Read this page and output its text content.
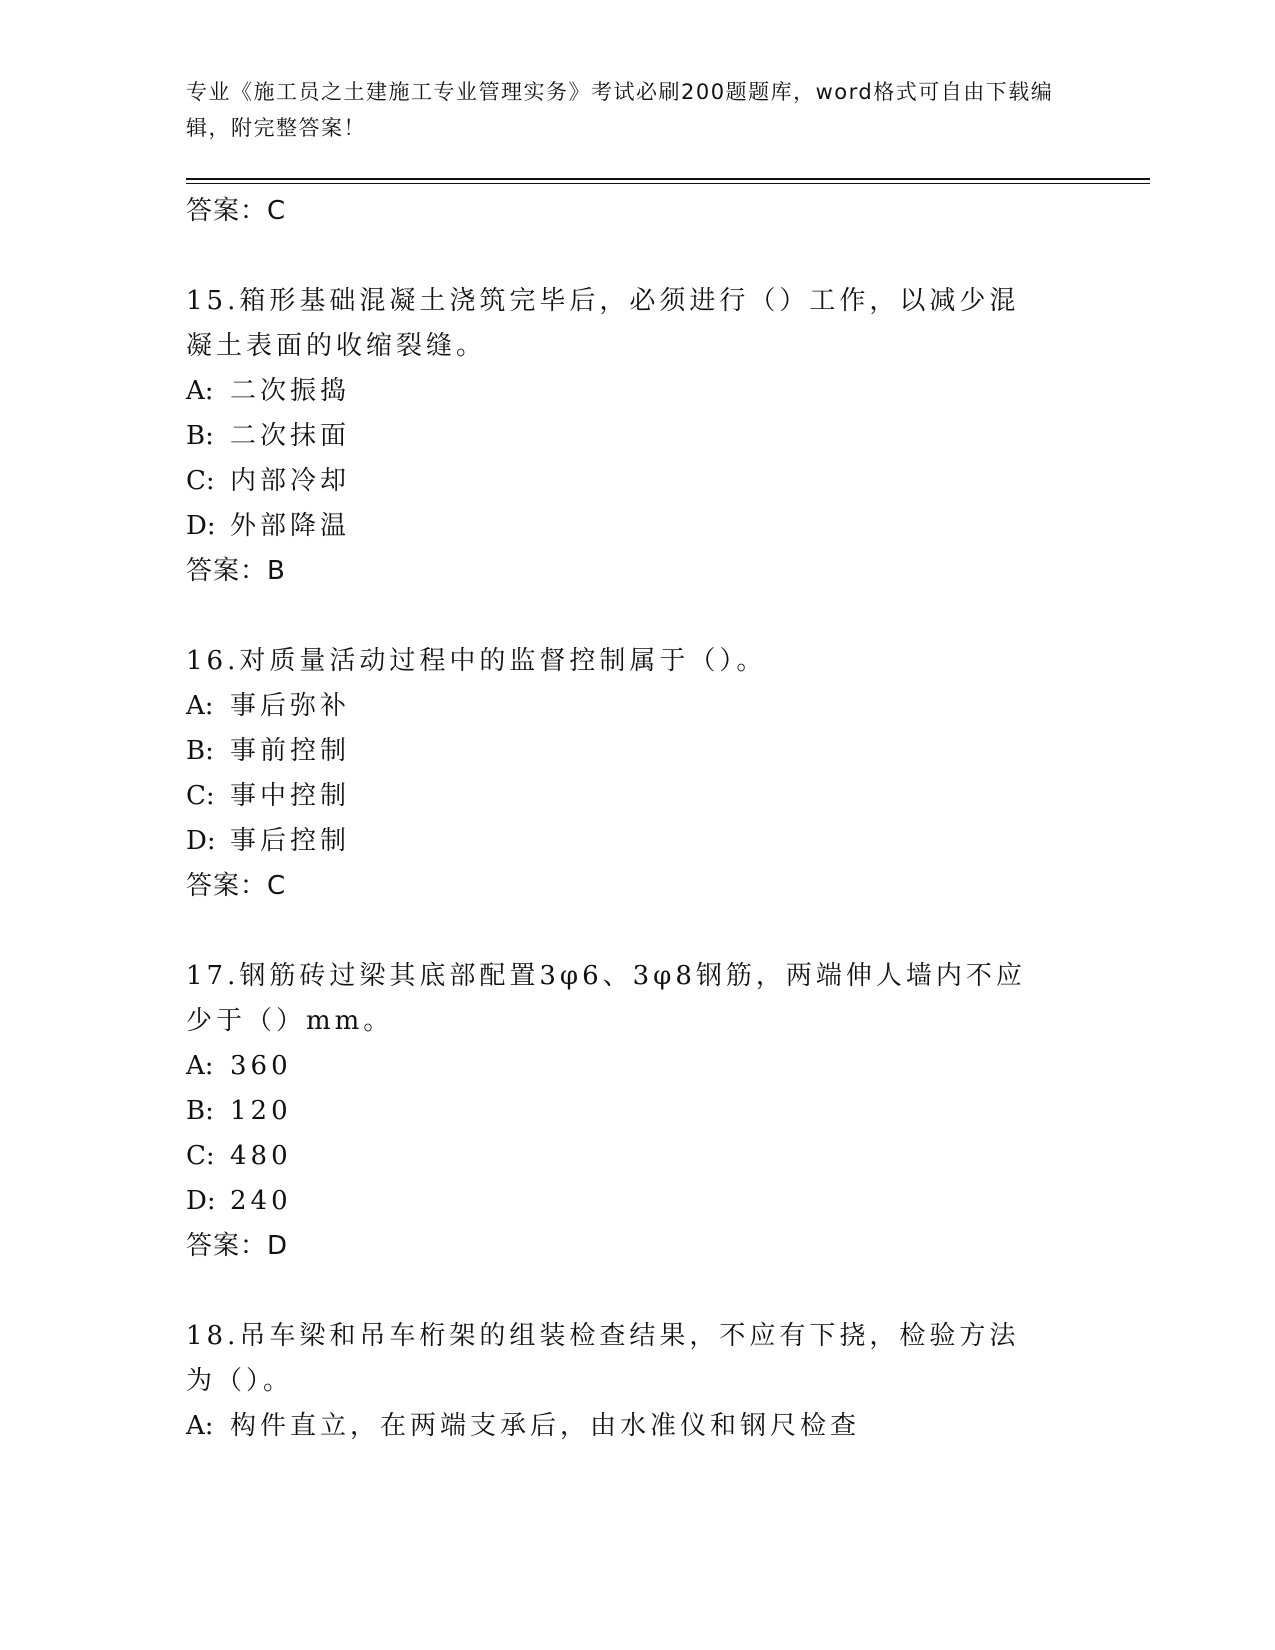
专业《施工员之土建施工专业管理实务》考试必刷200题题库，word格式可自由下载编辑，附完整答案！
答案：C
15.箱形基础混凝土浇筑完毕后，必须进行（）工作，以减少混凝土表面的收缩裂缝。
A: 二次振捣
B: 二次抹面
C: 内部冷却
D: 外部降温
答案：B
16.对质量活动过程中的监督控制属于（）。
A: 事后弥补
B: 事前控制
C: 事中控制
D: 事后控制
答案：C
17.钢筋砖过梁其底部配置3φ6、3φ8钢筋，两端伸人墙内不应少于（）mm。
A: 360
B: 120
C: 480
D: 240
答案：D
18.吊车梁和吊车桁架的组装检查结果，不应有下挠，检验方法为（）。
A: 构件直立，在两端支承后，由水准仪和钢尺检查
